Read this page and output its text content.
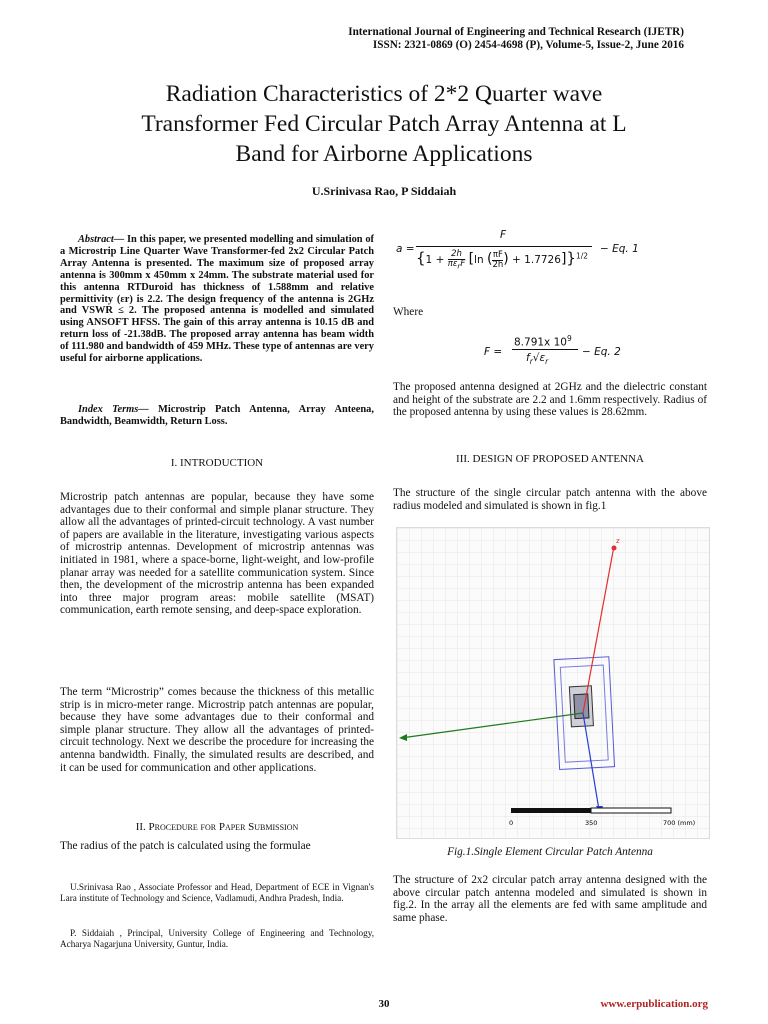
International Journal of Engineering and Technical Research (IJETR)
ISSN: 2321-0869 (O) 2454-4698 (P), Volume-5, Issue-2, June 2016
Radiation Characteristics of 2*2 Quarter wave
Transformer Fed Circular Patch Array Antenna at L
Band for Airborne Applications
U.Srinivasa Rao, P Siddaiah
Abstract— In this paper, we presented modelling and simulation of a Microstrip Line Quarter Wave Transformer-fed 2x2 Circular Patch Array Antenna is presented. The maximum size of proposed array antenna is 300mm x 450mm x 24mm. The substrate material used for this antenna RTDuroid has thickness of 1.588mm and relative permittivity (εr) is 2.2. The design frequency of the antenna is 2GHz and VSWR ≤ 2. The proposed antenna is modelled and simulated using ANSOFT HFSS. The gain of this array antenna is 10.15 dB and return loss of -21.38dB. The proposed array antenna has beam width of 111.980 and bandwidth of 459 MHz. These type of antennas are very useful for airborne applications.
Index Terms— Microstrip Patch Antenna, Array Anteena, Bandwidth, Beamwidth, Return Loss.
I. INTRODUCTION
Microstrip patch antennas are popular, because they have some advantages due to their conformal and simple planar structure. They allow all the advantages of printed-circuit technology. A vast number of papers are available in the literature, investigating various aspects of microstrip antennas. Development of microstrip antennas was initiated in 1981, where a space-borne, light-weight, and low-profile planar array was needed for a satellite communication system. Since then, the development of the microstrip antenna has been expanded into three major program areas: mobile satellite (MSAT) communication, earth remote sensing, and deep-space exploration.
The term “Microstrip” comes because the thickness of this metallic strip is in micro-meter range. Microstrip patch antennas are popular, because they have some advantages due to their conformal and simple planar structure. They allow all the advantages of printed-circuit technology. Next we describe the procedure for increasing the antenna bandwidth. Finally, the simulated results are described, and it can be used for communication and other applications.
II. Procedure for Paper Submission
The radius of the patch is calculated using the formulae
U.Srinivasa Rao , Associate Professor and Head, Department of ECE in Vignan's Lara institute of Technology and Science, Vadlamudi, Andhra Pradesh, India.
P. Siddaiah , Principal, University College of Engineering and Technology, Acharya Nagarjuna University, Guntur, India.
a =
F
{1 +
2h
$\pi\varepsilon_rF$ [ln ( $\frac{\pi F}{2h}$ ) + 1.7726]}$^{1/2}$
− Eq. 1
Where
F =
8.791x $10^9$
$f_r√\varepsilon_r$
− Eq. 2
The proposed antenna designed at 2GHz and the dielectric constant and height of the substrate are 2.2 and 1.6mm respectively. Radius of the proposed antenna by using these values is 28.62mm.
III. DESIGN OF PROPOSED ANTENNA
The structure of the single circular patch antenna with the above radius modeled and simulated is shown in fig.1
z
0	350	700 (mm)
Fig.1.Single Element Circular Patch Antenna
The structure of 2x2 circular patch array antenna designed with the above circular patch antenna modeled and simulated is shown in fig.2. In the array all the elements are fed with same amplitude and same phase.
30	www.erpublication.org
